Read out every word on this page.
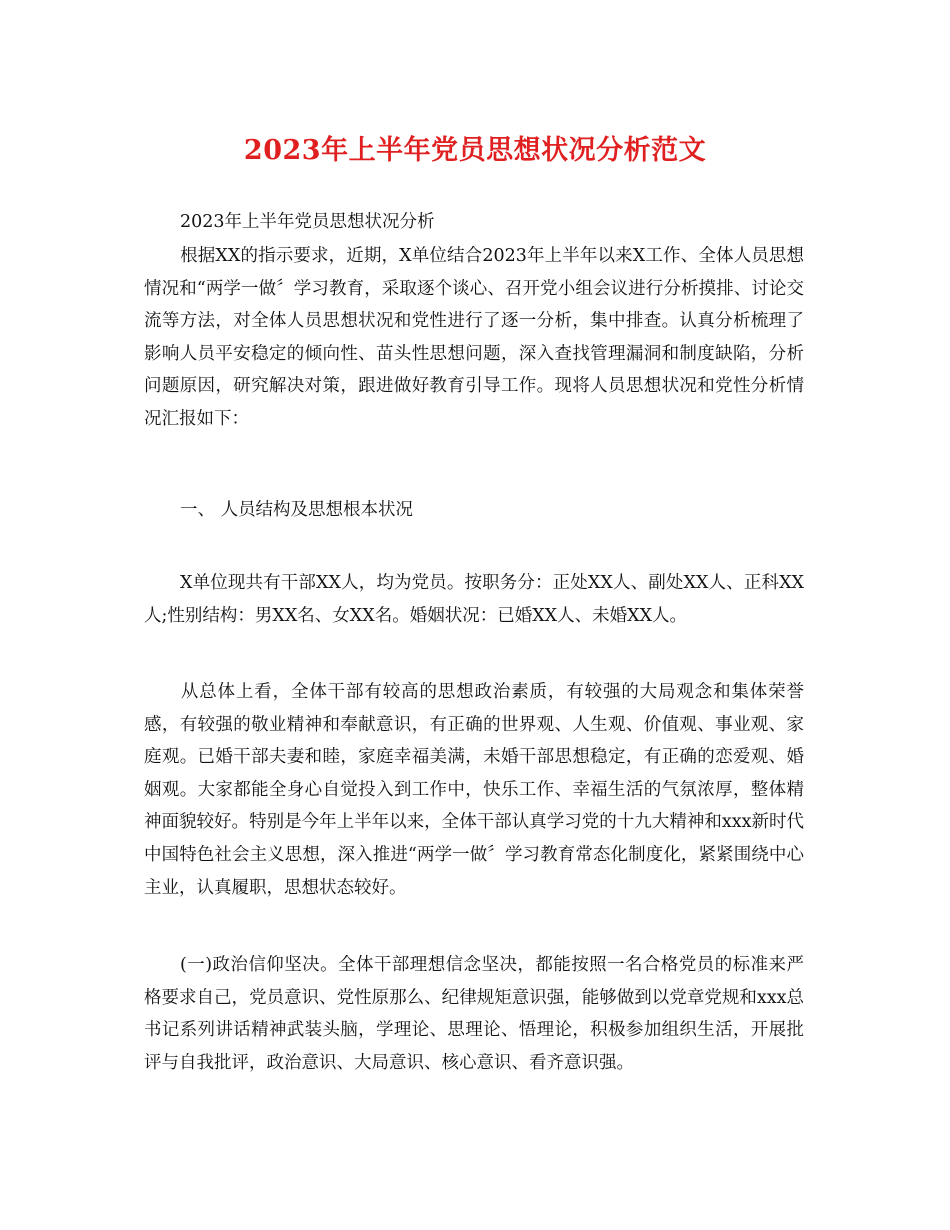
2023年上半年党员思想状况分析范文
2023年上半年党员思想状况分析

根据XX的指示要求，近期，X单位结合2023年上半年以来X工作、全体人员思想情况和“两学一做〞学习教育，采取逐个谈心、召开党小组会议进行分析摸排、讨论交流等方法，对全体人员思想状况和党性进行了逐一分析，集中排查。认真分析梳理了影响人员平安稳定的倾向性、苗头性思想问题，深入查找管理漏洞和制度缺陷，分析问题原因，研究解决对策，跟进做好教育引导工作。现将人员思想状况和党性分析情况汇报如下：

一、 人员结构及思想根本状况

X单位现共有干部XX人，均为党员。按职务分：正处XX人、副处XX人、正科XX人;性别结构：男XX名、女XX名。婚姻状况：已婚XX人、未婚XX人。

从总体上看，全体干部有较高的思想政治素质，有较强的大局观念和集体荣誉感，有较强的敬业精神和奉献意识，有正确的世界观、人生观、价值观、事业观、家庭观。已婚干部夫妻和睦，家庭幸福美满，未婚干部思想稳定，有正确的恋爱观、婚姻观。大家都能全身心自觉投入到工作中，快乐工作、幸福生活的气氛浓厚，整体精神面貌较好。特别是今年上半年以来，全体干部认真学习党的十九大精神和xxx新时代中国特色社会主义思想，深入推进“两学一做〞学习教育常态化制度化，紧紧围绕中心主业，认真履职，思想状态较好。

(一)政治信仰坚决。全体干部理想信念坚决，都能按照一名合格党员的标准来严格要求自己，党员意识、党性原那么、纪律规矩意识强，能够做到以党章党规和xxx总书记系列讲话精神武装头脑，学理论、思理论、悟理论，积极参加组织生活，开展批评与自我批评，政治意识、大局意识、核心意识、看齐意识强。
